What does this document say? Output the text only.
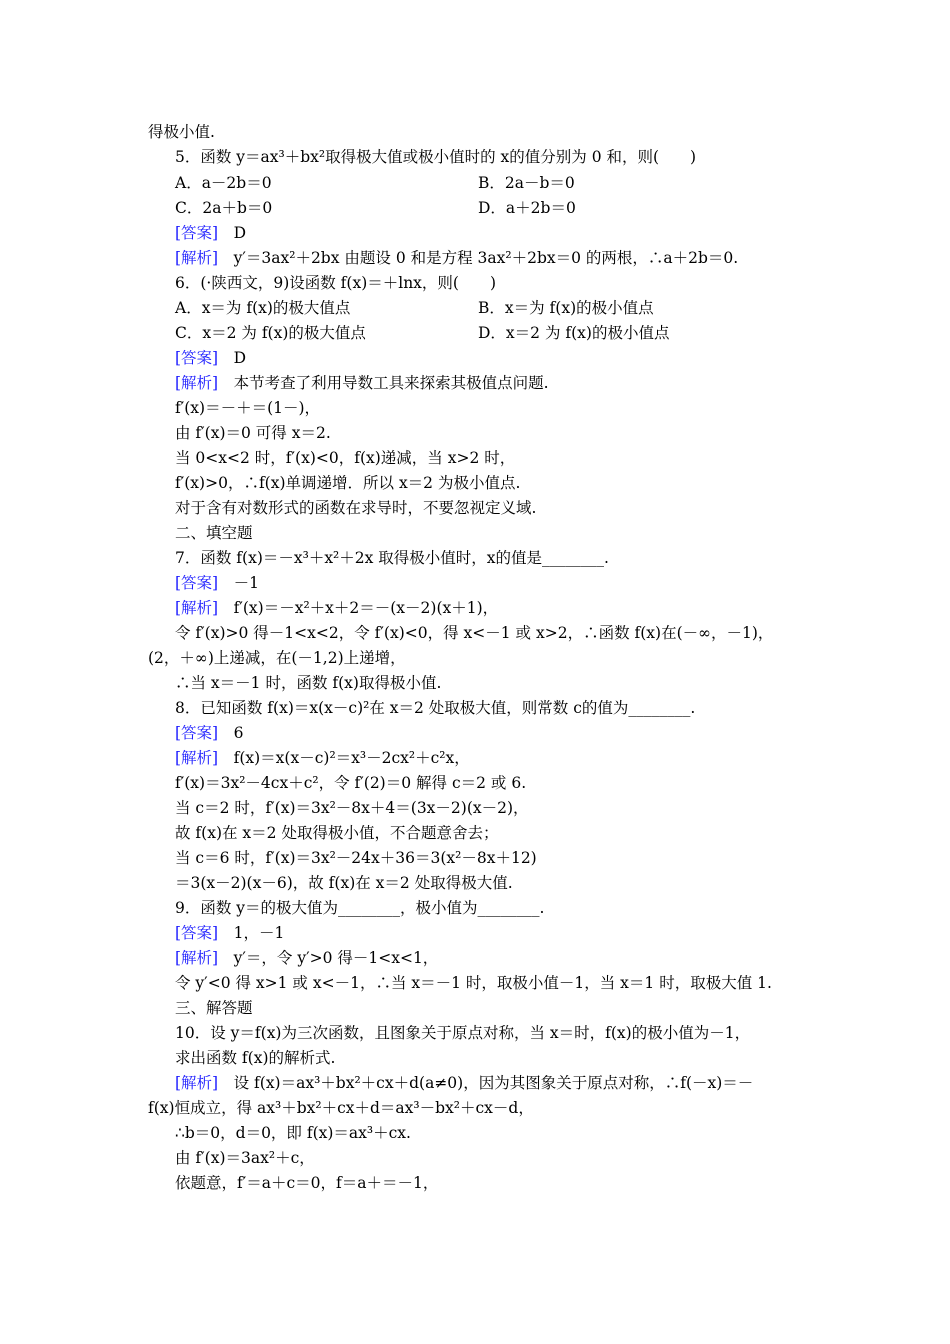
得极小值.
5．函数 y＝ax³＋bx²取得极大值或极小值时的 x的值分别为 0 和，则(　　)
A．a－2b＝0	B．2a－b＝0
C．2a＋b＝0	D．a＋2b＝0
[答案]　D
[解析]　y′＝3ax²＋2bx 由题设 0 和是方程 3ax²＋2bx＝0 的两根，∴a＋2b＝0.
6．(·陕西文，9)设函数 f(x)＝＋lnx，则(　　)
A．x＝为 f(x)的极大值点	B．x＝为 f(x)的极小值点
C．x＝2 为 f(x)的极大值点	D．x＝2 为 f(x)的极小值点
[答案]　D
[解析]　本节考查了利用导数工具来探索其极值点问题.
f′(x)＝－＋＝(1－)，
由 f′(x)＝0 可得 x＝2.
当 0<x<2 时，f′(x)<0，f(x)递减，当 x>2 时，
f′(x)>0，∴f(x)单调递增．所以 x＝2 为极小值点.
对于含有对数形式的函数在求导时，不要忽视定义域.
二、填空题
7．函数 f(x)＝－x³＋x²＋2x 取得极小值时，x的值是________.
[答案]　－1
[解析]　f′(x)＝－x²＋x＋2＝－(x－2)(x＋1)，
令 f′(x)>0 得－1<x<2，令 f′(x)<0，得 x<－1 或 x>2，∴函数 f(x)在(－∞，－1)，
(2，＋∞)上递减，在(－1,2)上递增，
∴当 x＝－1 时，函数 f(x)取得极小值.
8．已知函数 f(x)＝x(x－c)²在 x＝2 处取极大值，则常数 c的值为________.
[答案]　6
[解析]　f(x)＝x(x－c)²＝x³－2cx²＋c²x，
f′(x)＝3x²－4cx＋c²，令 f′(2)＝0 解得 c＝2 或 6.
当 c＝2 时，f′(x)＝3x²－8x＋4＝(3x－2)(x－2)，
故 f(x)在 x＝2 处取得极小值，不合题意舍去；
当 c＝6 时，f′(x)＝3x²－24x＋36＝3(x²－8x＋12)
＝3(x－2)(x－6)，故 f(x)在 x＝2 处取得极大值.
9．函数 y＝的极大值为________，极小值为________.
[答案]　1，－1
[解析]　y′＝，令 y′>0 得－1<x<1，
令 y′<0 得 x>1 或 x<－1，∴当 x＝－1 时，取极小值－1，当 x＝1 时，取极大值 1.
三、解答题
10．设 y＝f(x)为三次函数，且图象关于原点对称，当 x＝时，f(x)的极小值为－1，
求出函数 f(x)的解析式.
[解析]　设 f(x)＝ax³＋bx²＋cx＋d(a≠0)，因为其图象关于原点对称，∴f(－x)＝－
f(x)恒成立，得 ax³＋bx²＋cx＋d＝ax³－bx²＋cx－d，
∴b＝0，d＝0，即 f(x)＝ax³＋cx.
由 f′(x)＝3ax²＋c，
依题意，f′＝a＋c＝0，f＝a＋＝－1，
